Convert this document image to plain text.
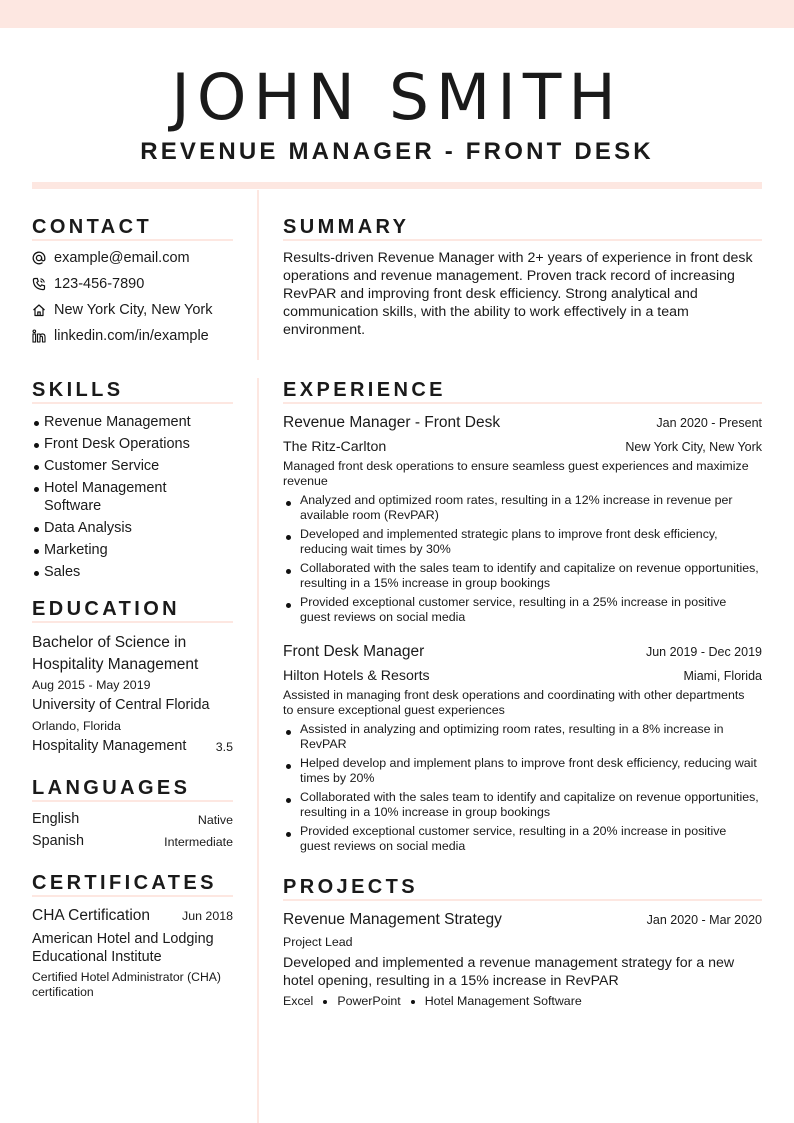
JOHN SMITH
REVENUE MANAGER - FRONT DESK
CONTACT
example@email.com
123-456-7890
New York City, New York
linkedin.com/in/example
SUMMARY
Results-driven Revenue Manager with 2+ years of experience in front desk operations and revenue management. Proven track record of increasing RevPAR and improving front desk efficiency. Strong analytical and communication skills, with the ability to work effectively in a team environment.
SKILLS
Revenue Management
Front Desk Operations
Customer Service
Hotel Management Software
Data Analysis
Marketing
Sales
EDUCATION
Bachelor of Science in Hospitality Management
Aug 2015 - May 2019
University of Central Florida
Orlando, Florida
Hospitality Management 3.5
LANGUAGES
English	Native
Spanish	Intermediate
CERTIFICATES
CHA Certification	Jun 2018
American Hotel and Lodging Educational Institute
Certified Hotel Administrator (CHA) certification
EXPERIENCE
Revenue Manager - Front Desk	Jan 2020 - Present
The Ritz-Carlton	New York City, New York
Managed front desk operations to ensure seamless guest experiences and maximize revenue
Analyzed and optimized room rates, resulting in a 12% increase in revenue per available room (RevPAR)
Developed and implemented strategic plans to improve front desk efficiency, reducing wait times by 30%
Collaborated with the sales team to identify and capitalize on revenue opportunities, resulting in a 15% increase in group bookings
Provided exceptional customer service, resulting in a 25% increase in positive guest reviews on social media
Front Desk Manager	Jun 2019 - Dec 2019
Hilton Hotels & Resorts	Miami, Florida
Assisted in managing front desk operations and coordinating with other departments to ensure exceptional guest experiences
Assisted in analyzing and optimizing room rates, resulting in a 8% increase in RevPAR
Helped develop and implement plans to improve front desk efficiency, reducing wait times by 20%
Collaborated with the sales team to identify and capitalize on revenue opportunities, resulting in a 10% increase in group bookings
Provided exceptional customer service, resulting in a 20% increase in positive guest reviews on social media
PROJECTS
Revenue Management Strategy	Jan 2020 - Mar 2020
Project Lead
Developed and implemented a revenue management strategy for a new hotel opening, resulting in a 15% increase in RevPAR
Excel PowerPoint Hotel Management Software
